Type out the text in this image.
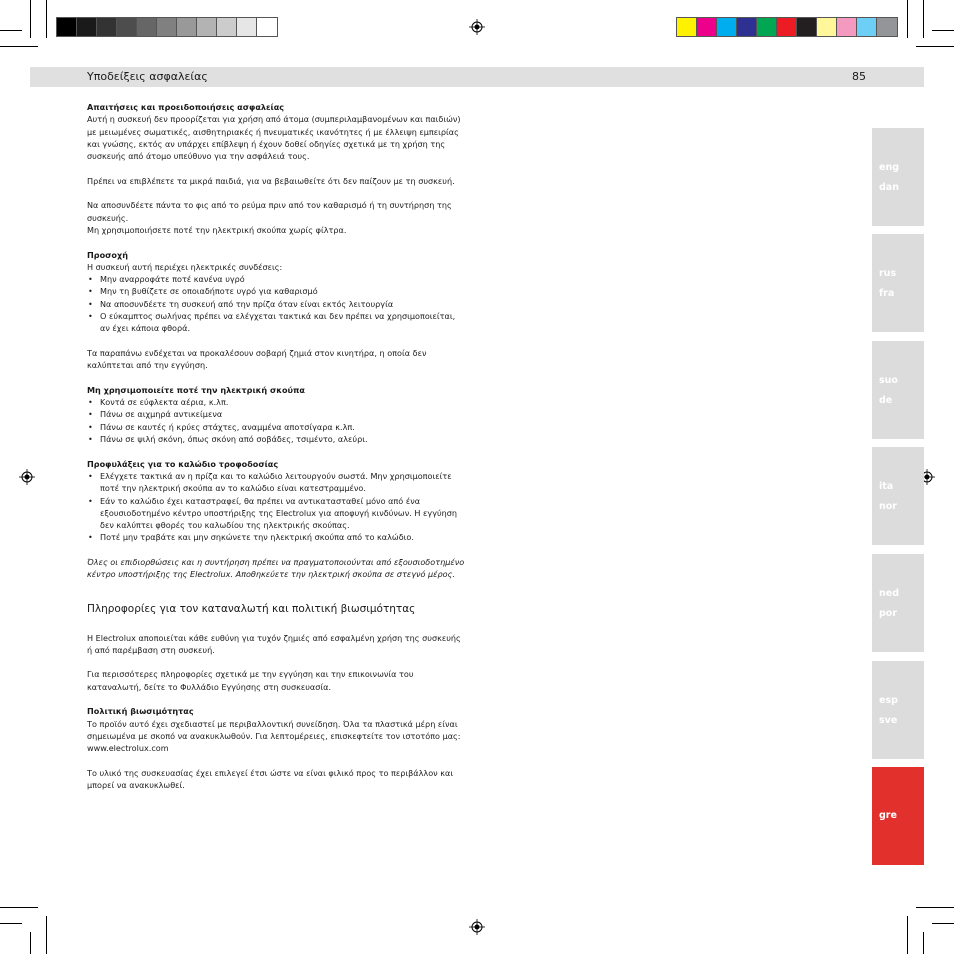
Υποδείξεις ασφαλείας	85

Απαιτήσεις και προειδοποιήσεις ασφαλείας

Αυτή η συσκευή δεν προορίζεται για χρήση από άτομα (συμπεριλαμβανομένων και παιδιών) με μειωμένες σωματικές, αισθητηριακές ή πνευματικές ικανότητες ή με έλλειψη εμπειρίας και γνώσης, εκτός αν υπάρχει επίβλεψη ή έχουν δοθεί οδηγίες σχετικά με τη χρήση της συσκευής από άτομο υπεύθυνο για την ασφάλειά τους.

Πρέπει να επιβλέπετε τα μικρά παιδιά, για να βεβαιωθείτε ότι δεν παίζουν με τη συσκευή.

Να αποσυνδέετε πάντα το φις από το ρεύμα πριν από τον καθαρισμό ή τη συντήρηση της συσκευής.

Μη χρησιμοποιήσετε ποτέ την ηλεκτρική σκούπα χωρίς φίλτρα.

Προσοχή

Η συσκευή αυτή περιέχει ηλεκτρικές συνδέσεις:

• Μην αναρροφάτε ποτέ κανένα υγρό
• Μην τη βυθίζετε σε οποιαδήποτε υγρό για καθαρισμό
• Να αποσυνδέετε τη συσκευή από την πρίζα όταν είναι εκτός λειτουργία
• Ο εύκαμπτος σωλήνας πρέπει να ελέγχεται τακτικά και δεν πρέπει να χρησιμοποιείται, αν έχει κάποια φθορά.

Τα παραπάνω ενδέχεται να προκαλέσουν σοβαρή ζημιά στον κινητήρα, η οποία δεν καλύπτεται από την εγγύηση.

Μη χρησιμοποιείτε ποτέ την ηλεκτρική σκούπα

• Κοντά σε εύφλεκτα αέρια, κ.λπ.
• Πάνω σε αιχμηρά αντικείμενα
• Πάνω σε καυτές ή κρύες στάχτες, αναμμένα αποτσίγαρα κ.λπ.
• Πάνω σε ψιλή σκόνη, όπως σκόνη από σοβάδες, τσιμέντο, αλεύρι.

Προφυλάξεις για το καλώδιο τροφοδοσίας

• Ελέγχετε τακτικά αν η πρίζα και το καλώδιο λειτουργούν σωστά. Μην χρησιμοποιείτε ποτέ την ηλεκτρική σκούπα αν το καλώδιο είναι κατεστραμμένο.
• Εάν το καλώδιο έχει καταστραφεί, θα πρέπει να αντικατασταθεί μόνο από ένα εξουσιοδοτημένο κέντρο υποστήριξης της Electrolux για αποφυγή κινδύνων. Η εγγύηση δεν καλύπτει φθορές του καλωδίου της ηλεκτρικής σκούπας.
• Ποτέ μην τραβάτε και μην σηκώνετε την ηλεκτρική σκούπα από το καλώδιο.

Όλες οι επιδιορθώσεις και η συντήρηση πρέπει να πραγματοποιούνται από εξουσιοδοτημένο κέντρο υποστήριξης της Electrolux. Αποθηκεύετε την ηλεκτρική σκούπα σε στεγνό μέρος.

Πληροφορίες για τον καταναλωτή και πολιτική βιωσιμότητας

Η Electrolux αποποιείται κάθε ευθύνη για τυχόν ζημιές από εσφαλμένη χρήση της συσκευής ή από παρέμβαση στη συσκευή.

Για περισσότερες πληροφορίες σχετικά με την εγγύηση και την επικοινωνία του καταναλωτή, δείτε το Φυλλάδιο Εγγύησης στη συσκευασία.

Πολιτική βιωσιμότητας

Το προϊόν αυτό έχει σχεδιαστεί με περιβαλλοντική συνείδηση. Όλα τα πλαστικά μέρη είναι σημειωμένα με σκοπό να ανακυκλωθούν. Για λεπτομέρειες, επισκεφτείτε τον ιστοτόπο μας: www.electrolux.com

Το υλικό της συσκευασίας έχει επιλεγεί έτσι ώστε να είναι φιλικό προς το περιβάλλον και μπορεί να ανακυκλωθεί.

eng
dan
rus
fra
suo
de
ita
nor
ned
por
esp
sve
gre
